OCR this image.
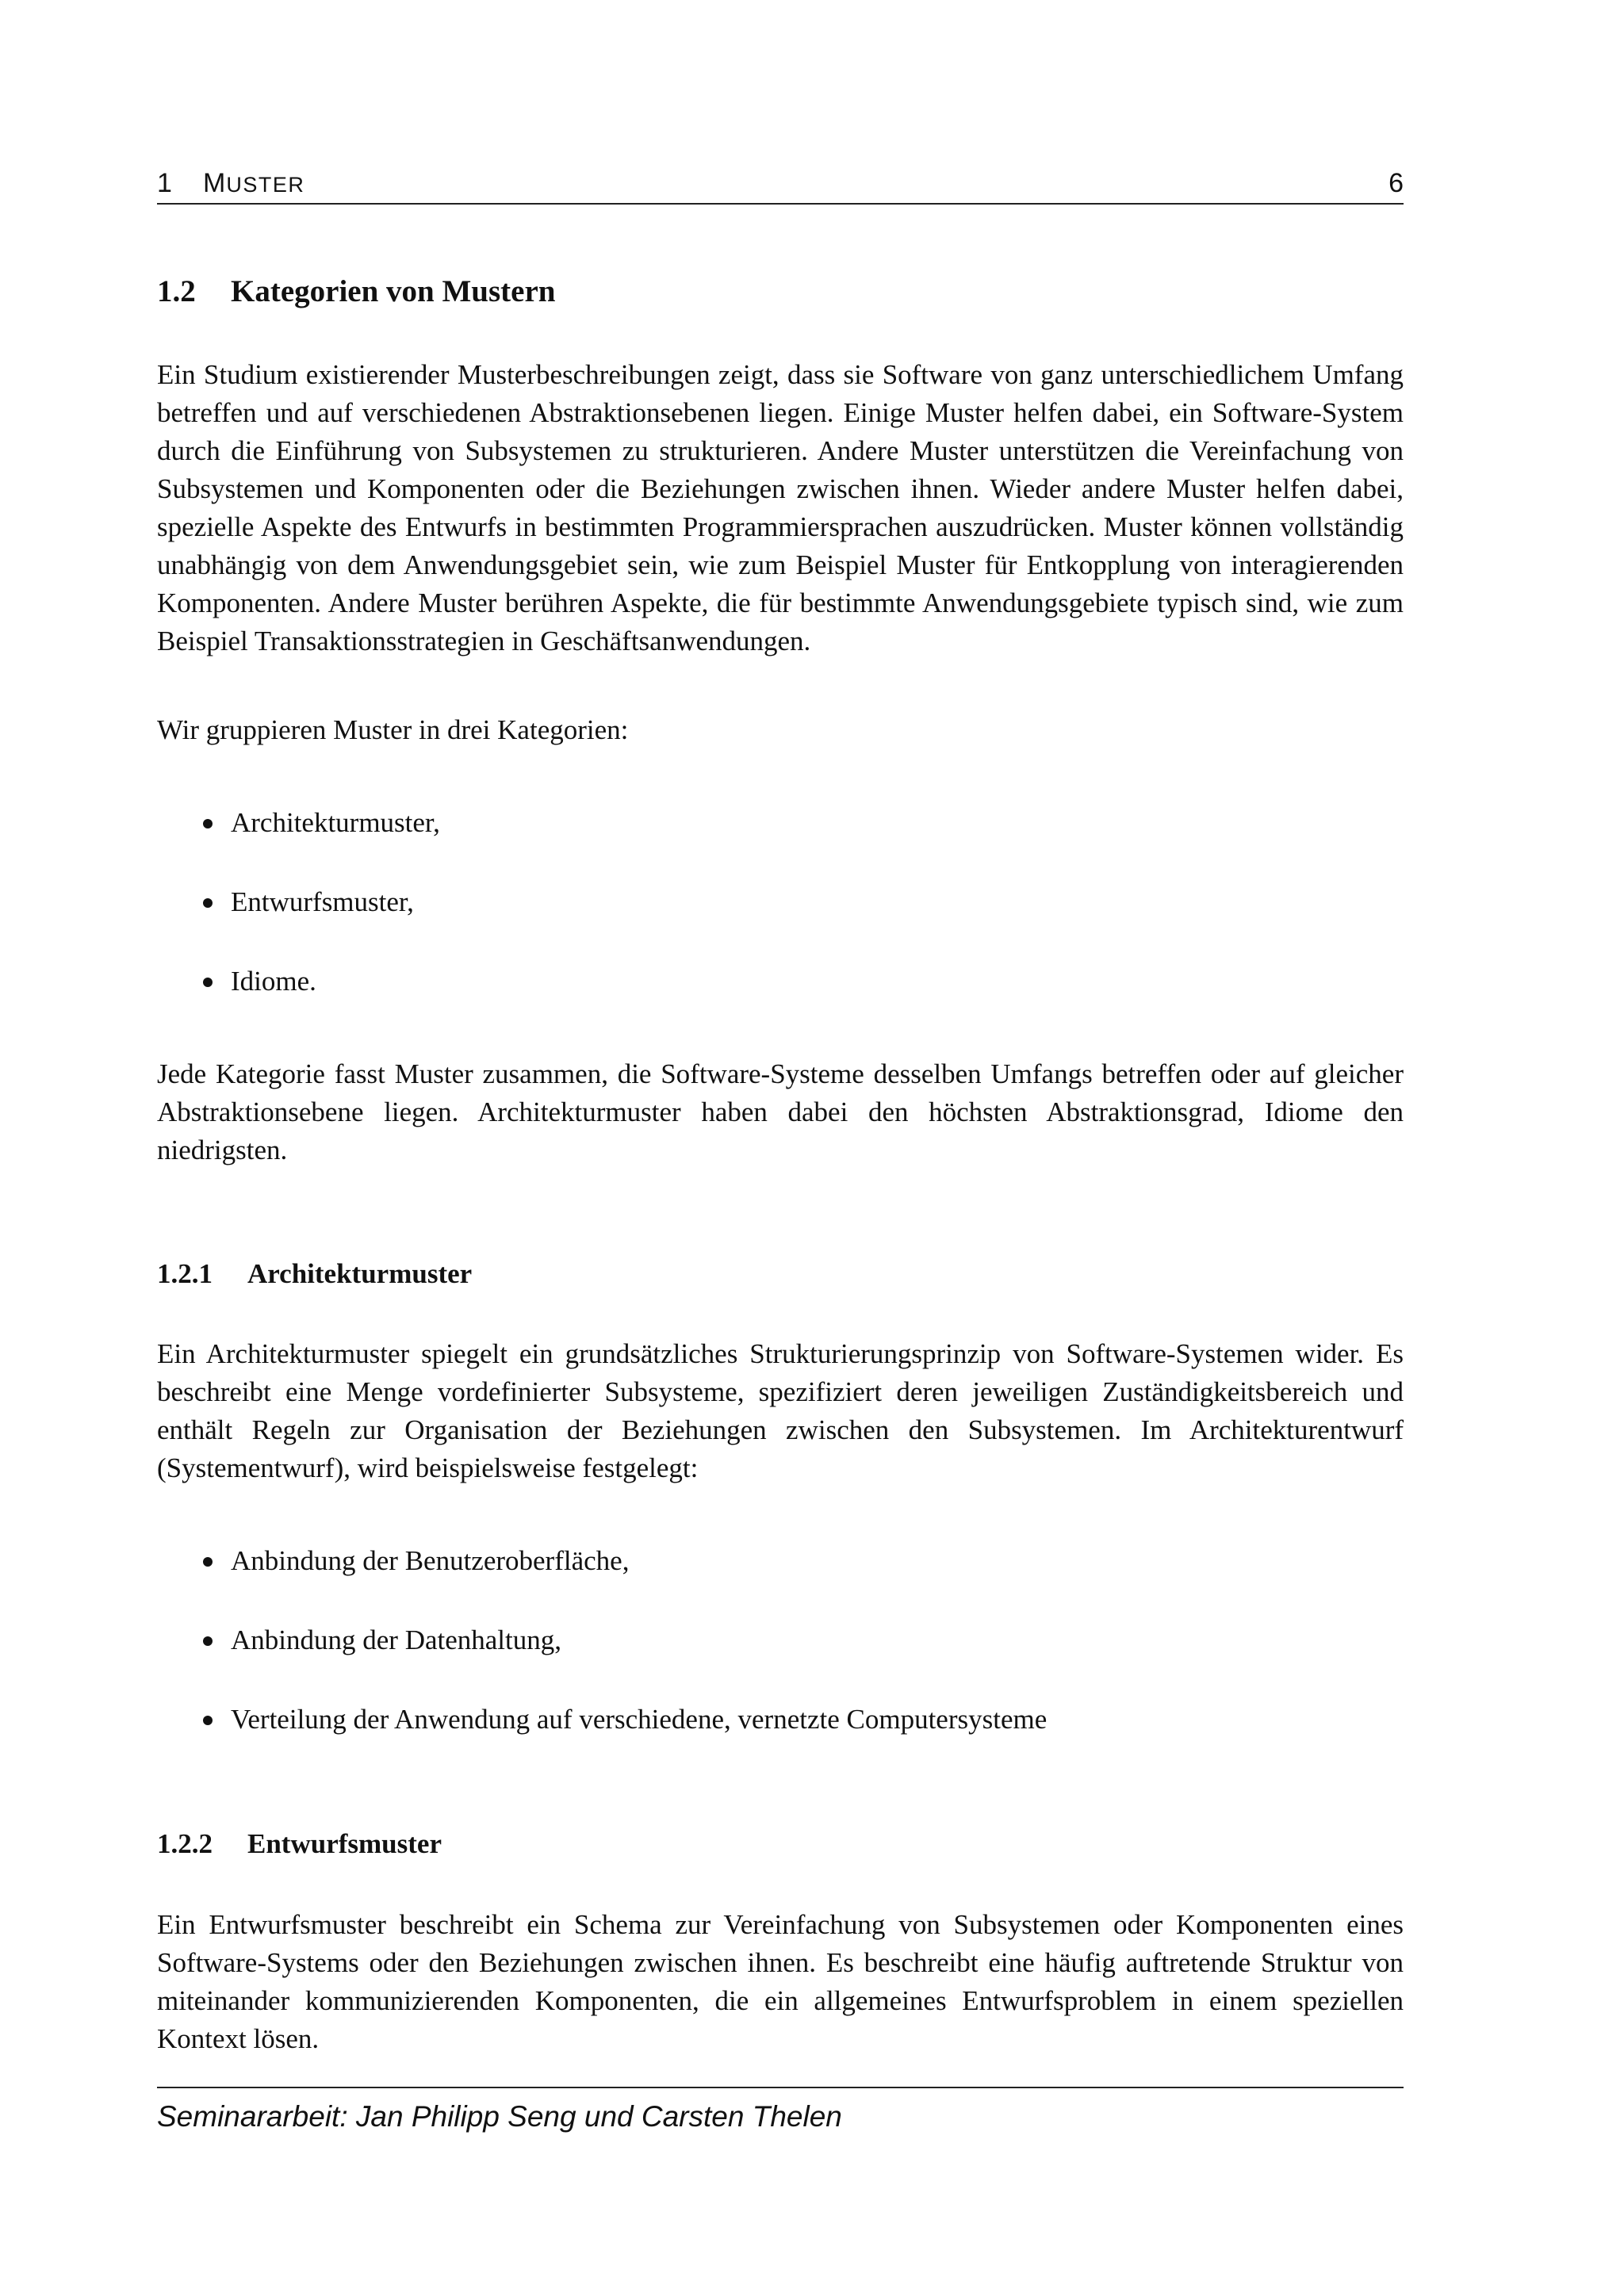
1 MUSTER	6
1.2 Kategorien von Mustern

Ein Studium existierender Musterbeschreibungen zeigt, dass sie Software von ganz unterschiedlichem Umfang betreffen und auf verschiedenen Abstraktionsebenen liegen. Einige Muster helfen dabei, ein Software-System durch die Einführung von Subsystemen zu strukturieren. Andere Muster unterstützen die Vereinfachung von Subsystemen und Komponenten oder die Beziehungen zwischen ihnen. Wieder andere Muster helfen dabei, spezielle Aspekte des Entwurfs in bestimmten Programmiersprachen auszudrücken. Muster können vollständig unabhängig von dem Anwendungsgebiet sein, wie zum Beispiel Muster für Entkopplung von interagierenden Komponenten. Andere Muster berühren Aspekte, die für bestimmte Anwendungsgebiete typisch sind, wie zum Beispiel Transaktionsstrategien in Geschäftsanwendungen.

Wir gruppieren Muster in drei Kategorien:

Architekturmuster,
Entwurfsmuster,
Idiome.

Jede Kategorie fasst Muster zusammen, die Software-Systeme desselben Umfangs betreffen oder auf gleicher Abstraktionsebene liegen. Architekturmuster haben dabei den höchsten Abstraktionsgrad, Idiome den niedrigsten.

1.2.1 Architekturmuster

Ein Architekturmuster spiegelt ein grundsätzliches Strukturierungsprinzip von Software-Systemen wider. Es beschreibt eine Menge vordefinierter Subsysteme, spezifiziert deren jeweiligen Zuständigkeitsbereich und enthält Regeln zur Organisation der Beziehungen zwischen den Subsystemen. Im Architekturentwurf (Systementwurf), wird beispielsweise festgelegt:

Anbindung der Benutzeroberfläche,
Anbindung der Datenhaltung,
Verteilung der Anwendung auf verschiedene, vernetzte Computersysteme
1.2.2 Entwurfsmuster

Ein Entwurfsmuster beschreibt ein Schema zur Vereinfachung von Subsystemen oder Komponenten eines Software-Systems oder den Beziehungen zwischen ihnen. Es beschreibt eine häufig auftretende Struktur von miteinander kommunizierenden Komponenten, die ein allgemeines Entwurfsproblem in einem speziellen Kontext lösen.

Seminararbeit: Jan Philipp Seng und Carsten Thelen
